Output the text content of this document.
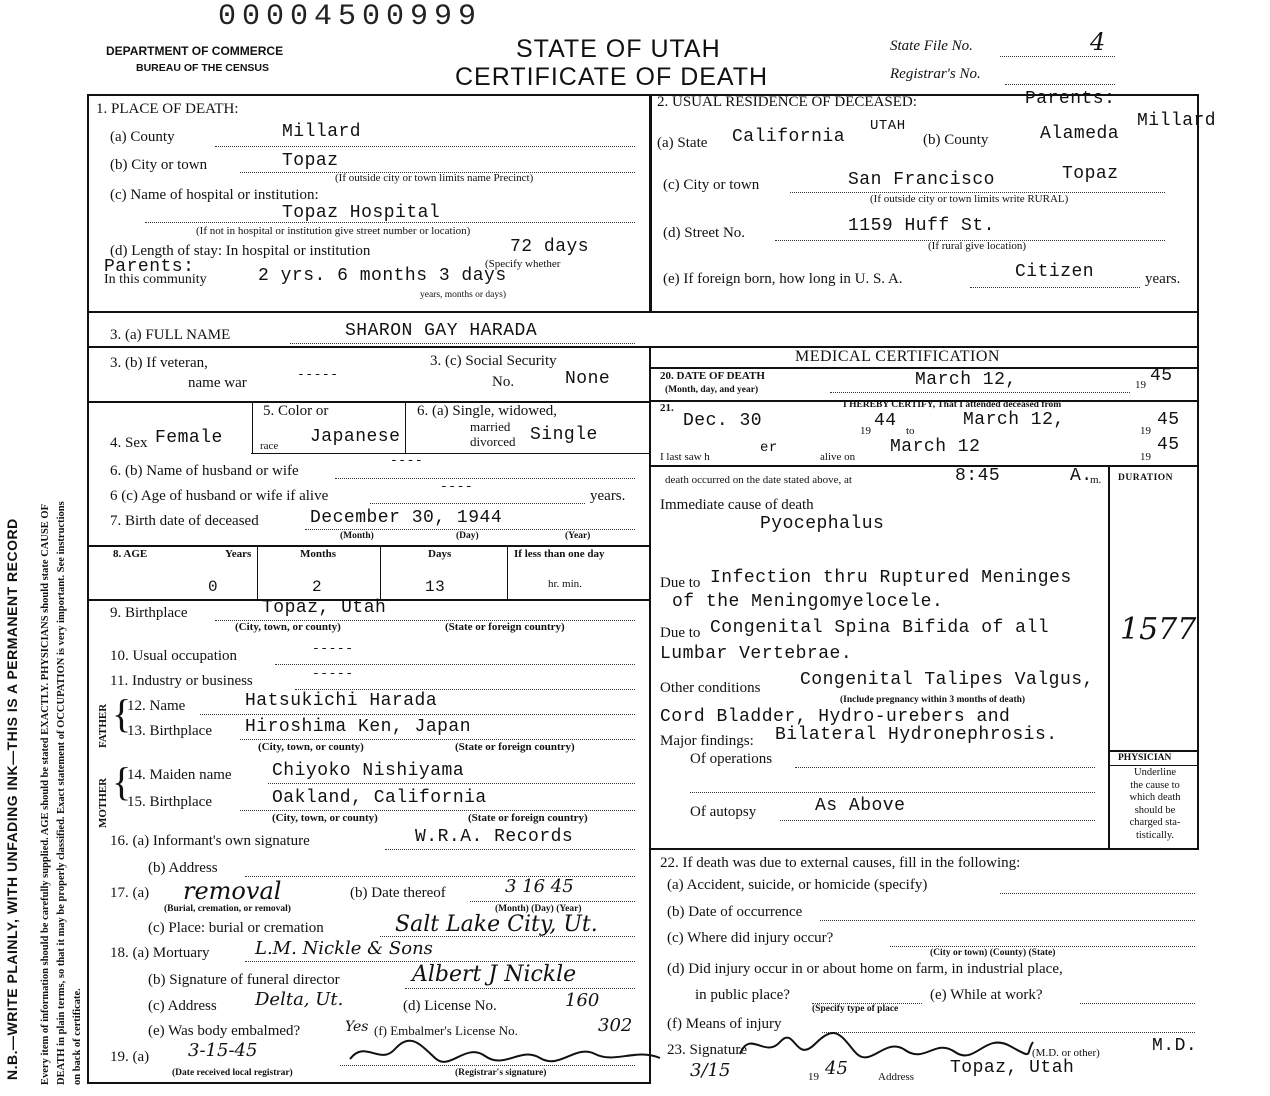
N.B.—WRITE PLAINLY, WITH UNFADING INK—THIS IS A PERMANENT RECORD Every item of information should be carefully supplied. AGE should be stated EXACTLY. PHYSICIANS should state CAUSE OF DEATH in plain terms, so that it may be properly classified. Exact statement of OCCUPATION is very important. See instructions on back of certificate.
00004500999
DEPARTMENT OF COMMERCE
BUREAU OF THE CENSUS
STATE OF UTAH
CERTIFICATE OF DEATH
State File No.	4
Registrar's No.
1. PLACE OF DEATH:
(a) County	Millard
(b) City or town	Topaz
(If outside city or town limits name Precinct)
(c) Name of hospital or institution:
Topaz Hospital
(If not in hospital or institution give street number or location)
(d) Length of stay: In hospital or institution	72 days
Parents:
In this community	2 yrs. 6 months 3 days
(Specify whether
years, months or days)
2. USUAL RESIDENCE OF DECEASED:	Parents:
(a) State California
UTAH
(b) County	Alameda
Millard
(c) City or town	San Francisco	Topaz
(If outside city or town limits write RURAL)
(d) Street No.	1159 Huff St.
(If rural give location)
(e) If foreign born, how long in U. S. A.	Citizen	years.
3. (a) FULL NAME	SHARON GAY HARADA
3. (b) If veteran,
name war
-----
3. (c) Social Security
No.	None
4. Sex Female
5. Color or
race Japanese
6. (a) Single, widowed,
married
divorced Single
6. (b) Name of husband or wife
----
6 (c) Age of husband or wife if alive
----
years.
7. Birth date of deceased	December 30, 1944
(Month)	(Day)	(Year)
8. AGE	Years	Months	Days	If less than one day
0	2	13	hr. min.
9. Birthplace	Topaz, Utah
(City, town, or county)	(State or foreign country)
10. Usual occupation	-----
11. Industry or business	-----
FATHER {
12. Name	Hatsukichi Harada
13. Birthplace Hiroshima Ken, Japan
(City, town, or county)	(State or foreign country)
MOTHER {
14. Maiden name Chiyoko Nishiyama
15. Birthplace	Oakland, California
(City, town, or county)	(State or foreign country)
16. (a) Informant's own signature	W.R.A. Records
(b) Address
17. (a) removal
(Burial, cremation, or removal)
(b) Date thereof	3 16 45
(Month) (Day) (Year)
(c) Place: burial or cremation	Salt Lake City, Ut.
18. (a) Mortuary	L.M. Nickle & Sons
(b) Signature of funeral director	Albert J Nickle
(c) Address Delta, Ut.	(d) License No.	160
(e) Was body embalmed?	Yes (f) Embalmer's License No.	302
19. (a) 3-15-45
(Date received local registrar)	(Registrar's signature)
MEDICAL CERTIFICATION
20. DATE OF DEATH
(Month, day, and year)	March 12,	19 45
21.	I HEREBY CERTIFY, That I attended deceased from
Dec. 30	19 44 to
March 12,
19
45
I last saw h
er
alive on March 12	19
45
death occurred on the date stated above, at	8:45	A.
m. DURATION
Immediate cause of death
Pyocephalus
Due to Infection thru Ruptured Meninges
of the Meningomyelocele.
Due to Congenital Spina Bifida of all
Lumbar Vertebrae.
1577
Other conditions Congenital Talipes Valgus,
(Include pregnancy within 3 months of death)
Cord Bladder, Hydro-urebers and
Major findings: Bilateral Hydronephrosis.
Of operations
Of autopsy	As Above
PHYSICIAN
Underline
the cause to
which death
should be
charged sta-
tistically.
22. If death was due to external causes, fill in the following:
(a) Accident, suicide, or homicide (specify)
(b) Date of occurrence
(c) Where did injury occur?
(City or town) (County) (State)
(d) Did injury occur in or about home on farm, in industrial place,
in public place?
(Specify type of place
(e) While at work?
(f) Means of injury
23. Signature	(M.D. or other)	M.D.
3/15	19 45	Address Topaz, Utah
